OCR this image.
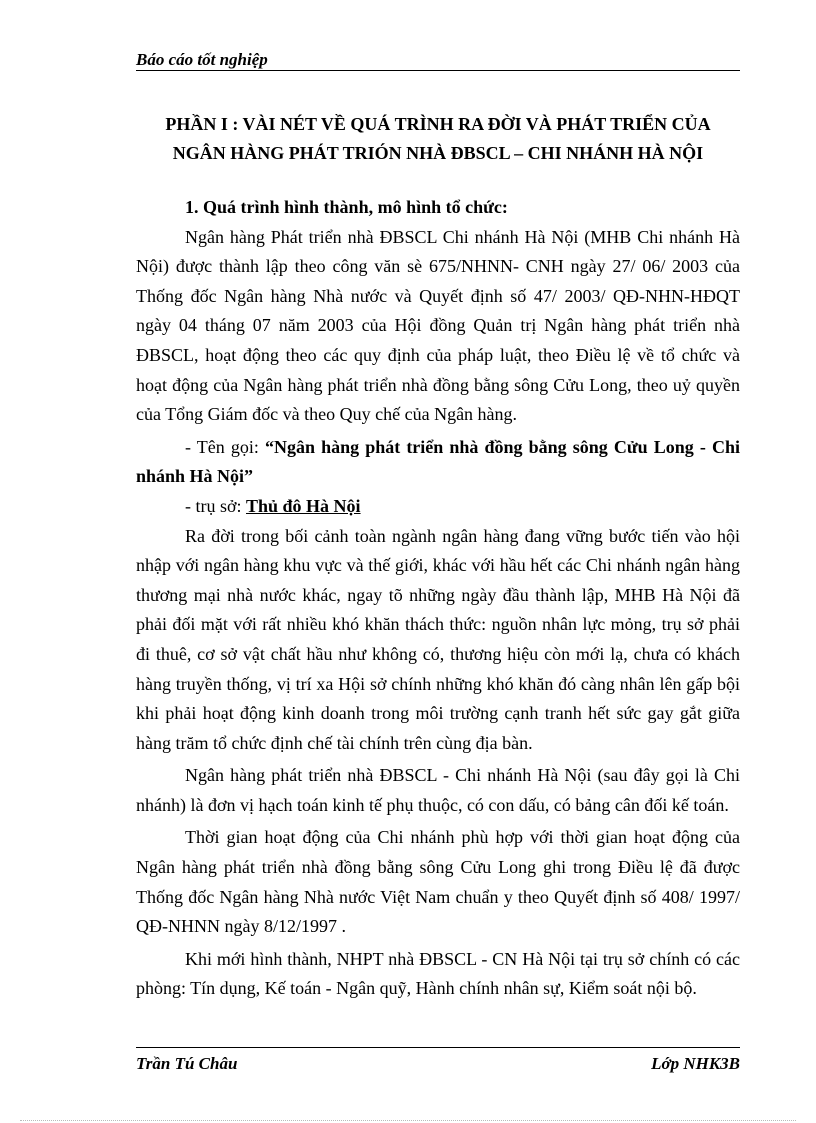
Báo cáo tốt nghiệp
PHẦN I : VÀI NÉT VỀ QUÁ TRÌNH RA ĐỜI VÀ PHÁT TRIỂN CỦA
NGÂN HÀNG PHÁT TRIÓN NHÀ ĐBSCL – CHI NHÁNH HÀ NỘI

1. Quá trình hình thành, mô hình tổ chức:

Ngân hàng Phát triển nhà ĐBSCL Chi nhánh Hà Nội (MHB Chi nhánh Hà Nội) được thành lập theo công văn sè 675/NHNN- CNH ngày 27/ 06/ 2003 của Thống đốc Ngân hàng Nhà nước và Quyết định số 47/ 2003/ QĐ-NHN-HĐQT ngày 04 tháng 07 năm 2003 của Hội đồng Quản trị Ngân hàng phát triển nhà ĐBSCL, hoạt động theo các quy định của pháp luật, theo Điều lệ về tổ chức và hoạt động của Ngân hàng phát triển nhà đồng bằng sông Cửu Long, theo uỷ quyền của Tổng Giám đốc và theo Quy chế của Ngân hàng.

- Tên gọi: “Ngân hàng phát triển nhà đồng bằng sông Cửu Long - Chi nhánh Hà Nội”

- trụ sở: Thủ đô Hà Nội

Ra đời trong bối cảnh toàn ngành ngân hàng đang vững bước tiến vào hội nhập với ngân hàng khu vực và thế giới, khác với hầu hết các Chi nhánh ngân hàng thương mại nhà nước khác, ngay tõ những ngày đầu thành lập, MHB Hà Nội đã phải đối mặt với rất nhiều khó khăn thách thức: nguồn nhân lực mỏng, trụ sở phải đi thuê, cơ sở vật chất hầu như không có, thương hiệu còn mới lạ, chưa có khách hàng truyền thống, vị trí xa Hội sở chính những khó khăn đó càng nhân lên gấp bội khi phải hoạt động kinh doanh trong môi trường cạnh tranh hết sức gay gắt giữa hàng trăm tổ chức định chế tài chính trên cùng địa bàn.

Ngân hàng phát triển nhà ĐBSCL - Chi nhánh Hà Nội (sau đây gọi là Chi nhánh) là đơn vị hạch toán kinh tế phụ thuộc, có con dấu, có bảng cân đối kế toán.

Thời gian hoạt động của Chi nhánh phù hợp với thời gian hoạt động của Ngân hàng phát triển nhà đồng bằng sông Cửu Long ghi trong Điều lệ đã được Thống đốc Ngân hàng Nhà nước Việt Nam chuẩn y theo Quyết định số 408/ 1997/ QĐ-NHNN ngày 8/12/1997 .

Khi mới hình thành, NHPT nhà ĐBSCL - CN Hà Nội tại trụ sở chính có các phòng: Tín dụng, Kế toán - Ngân quỹ, Hành chính nhân sự, Kiểm soát nội bộ.

Trần Tú Châu	Lớp NHK3B
